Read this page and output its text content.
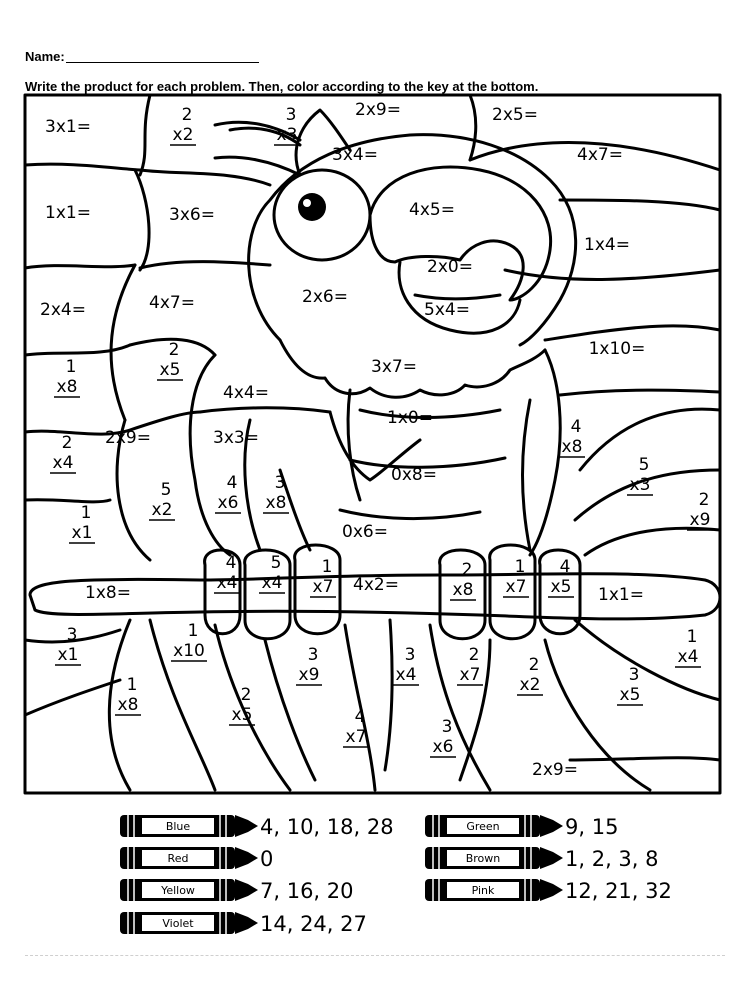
Name:
Write the product for each problem. Then, color according to the key at the bottom.
3x1=
2
x2
3
x3
2x9=	2x5=
3x4=	4x7=
1x1=	3x6=	4x5=
1x4=
2x0=
2x4=	4x7=	2x6=
5x4=
1
x8
2
x5	3x7=
1x10=
4x4=
1x0=
2
x4
2x9=	3x3=
4
x8
5
x3
5
x2
4
x6
3
x8
0x8=
2
x9
1
x1	0x6=
4
x4
5
x4
1
x7 4x2=
2
x8
1
x7
4
x5
1x8=	1x1=
3
x1
1
x10
1
x4
1
x8
3
x9
3
x4
2
x7	2
x2	3
x5
2
x5	4
x7	3
x6
2x9=
Blue	4, 10, 18, 28
Red	0
Yellow	7, 16, 20
Violet	14, 24, 27
Green	9, 15
Brown	1, 2, 3, 8
Pink	12, 21, 32
